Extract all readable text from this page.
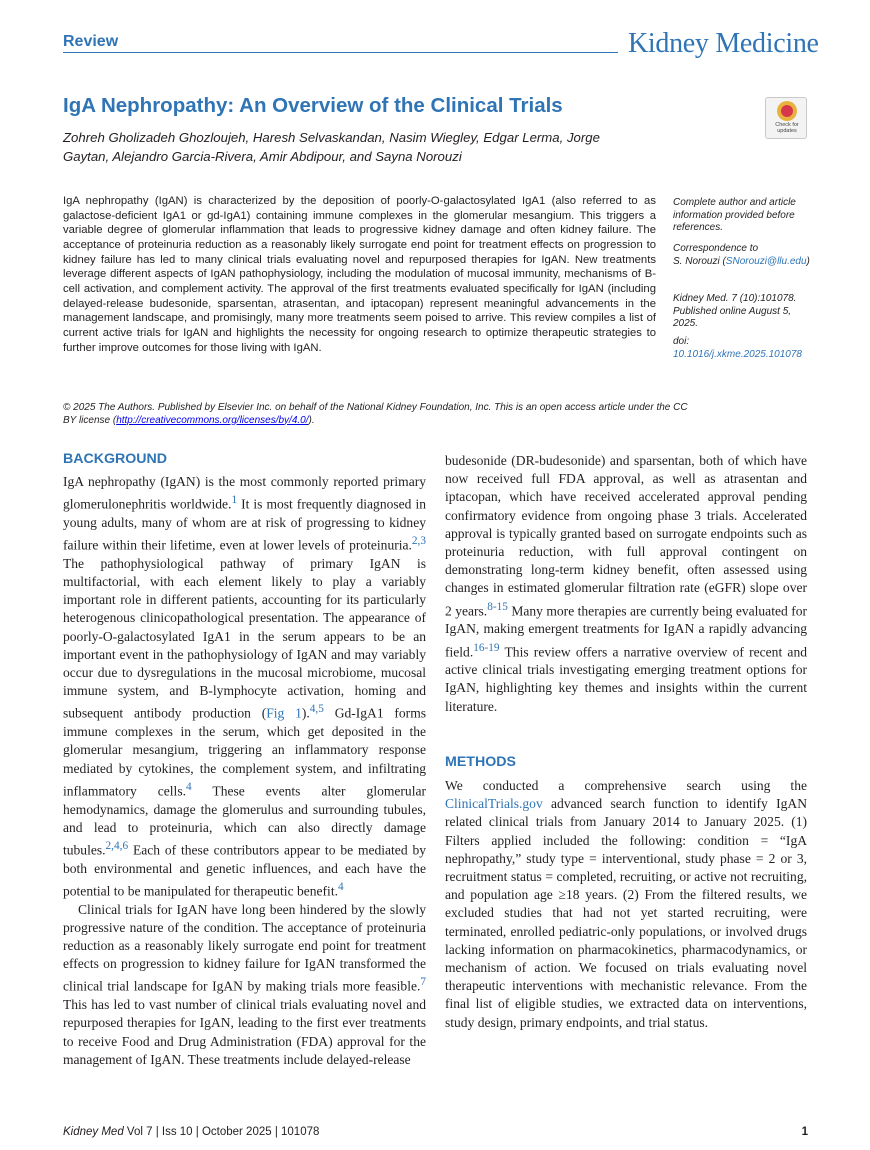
Review	Kidney Medicine
IgA Nephropathy: An Overview of the Clinical Trials
Zohreh Gholizadeh Ghozloujeh, Haresh Selvaskandan, Nasim Wiegley, Edgar Lerma, Jorge Gaytan, Alejandro Garcia-Rivera, Amir Abdipour, and Sayna Norouzi
Check for updates
IgA nephropathy (IgAN) is characterized by the deposition of poorly-O-galactosylated IgA1 (also referred to as galactose-deficient IgA1 or gd-IgA1) containing immune complexes in the glomerular mesangium. This triggers a variable degree of glomerular inflammation that leads to progressive kidney damage and often kidney failure. The acceptance of proteinuria reduction as a reasonably likely surrogate end point for treatment effects on progression to kidney failure has led to many clinical trials evaluating novel and repurposed therapies for IgAN. New treatments leverage different aspects of IgAN pathophysiology, including the modulation of mucosal immunity, mechanisms of B-cell activation, and complement activity. The approval of the first treatments evaluated specifically for IgAN (including delayed-release budesonide, sparsentan, atrasentan, and iptacopan) represent meaningful advancements in the management landscape, and promisingly, many more treatments seem poised to arrive. This review compiles a list of current active trials for IgAN and highlights the necessity for ongoing research to optimize therapeutic strategies to further improve outcomes for those living with IgAN.
Complete author and article information provided before references.
Correspondence to
S. Norouzi (SNorouzi@llu.edu)
Kidney Med. 7 (10):101078. Published online August 5, 2025.
doi: 10.1016/j.xkme.2025.101078
© 2025 The Authors. Published by Elsevier Inc. on behalf of the National Kidney Foundation, Inc. This is an open access article under the CC BY license (http://creativecommons.org/licenses/by/4.0/).
BACKGROUND

IgA nephropathy (IgAN) is the most commonly reported primary glomerulonephritis worldwide.$^1$ It is most frequently diagnosed in young adults, many of whom are at risk of progressing to kidney failure within their lifetime, even at lower levels of proteinuria.$^{2,3}$ The pathophysiological pathway of primary IgAN is multifactorial, with each element likely to play a variably important role in different patients, accounting for its particularly heterogenous clinicopathological presentation. The appearance of poorly-O-galactosylated IgA1 in the serum appears to be an important event in the pathophysiology of IgAN and may variably occur due to dysregulations in the mucosal microbiome, mucosal immune system, and B-lymphocyte activation, homing and subsequent antibody production (Fig 1).$^{4,5}$ Gd-IgA1 forms immune complexes in the serum, which get deposited in the glomerular mesangium, triggering an inflammatory response mediated by cytokines, the complement system, and infiltrating inflammatory cells.$^4$ These events alter glomerular hemodynamics, damage the glomerulus and surrounding tubules, and lead to proteinuria, which can also directly damage tubules.$^{2,4,6}$ Each of these contributors appear to be mediated by both environmental and genetic influences, and each have the potential to be manipulated for therapeutic benefit.$^4$

Clinical trials for IgAN have long been hindered by the slowly progressive nature of the condition. The acceptance of proteinuria reduction as a reasonably likely surrogate end point for treatment effects on progression to kidney failure for IgAN transformed the clinical trial landscape for IgAN by making trials more feasible.$^7$ This has led to vast number of clinical trials evaluating novel and repurposed therapies for IgAN, leading to the first ever treatments to receive Food and Drug Administration (FDA) approval for the management of IgAN. These treatments include delayed-release

METHODS

We conducted a comprehensive search using the ClinicalTrials.gov advanced search function to identify IgAN related clinical trials from January 2014 to January 2025. (1) Filters applied included the following: condition = “IgA nephropathy,” study type = interventional, study phase = 2 or 3, recruitment status = completed, recruiting, or active not recruiting, and population age ≥18 years. (2) From the filtered results, we excluded studies that had not yet started recruiting, were terminated, enrolled pediatric-only populations, or involved drugs lacking information on pharmacokinetics, pharmacodynamics, or mechanism of action. We focused on trials evaluating novel therapeutic interventions with mechanistic relevance. From the final list of eligible studies, we extracted data on interventions, study design, primary endpoints, and trial status.

Kidney Med Vol 7 | Iss 10 | October 2025 | 101078	1

budesonide (DR-budesonide) and sparsentan, both of which have now received full FDA approval, as well as atrasentan and iptacopan, which have received accelerated approval pending confirmatory evidence from ongoing phase 3 trials. Accelerated approval is typically granted based on surrogate endpoints such as proteinuria reduction, with full approval contingent on demonstrating long-term kidney benefit, often assessed using changes in estimated glomerular filtration rate (eGFR) slope over 2 years.$^{8-15}$ Many more therapies are currently being evaluated for IgAN, making emergent treatments for IgAN a rapidly advancing field.$^{16-19}$ This review offers a narrative overview of recent and active clinical trials investigating emerging treatment options for IgAN, highlighting key themes and insights within the current literature.
